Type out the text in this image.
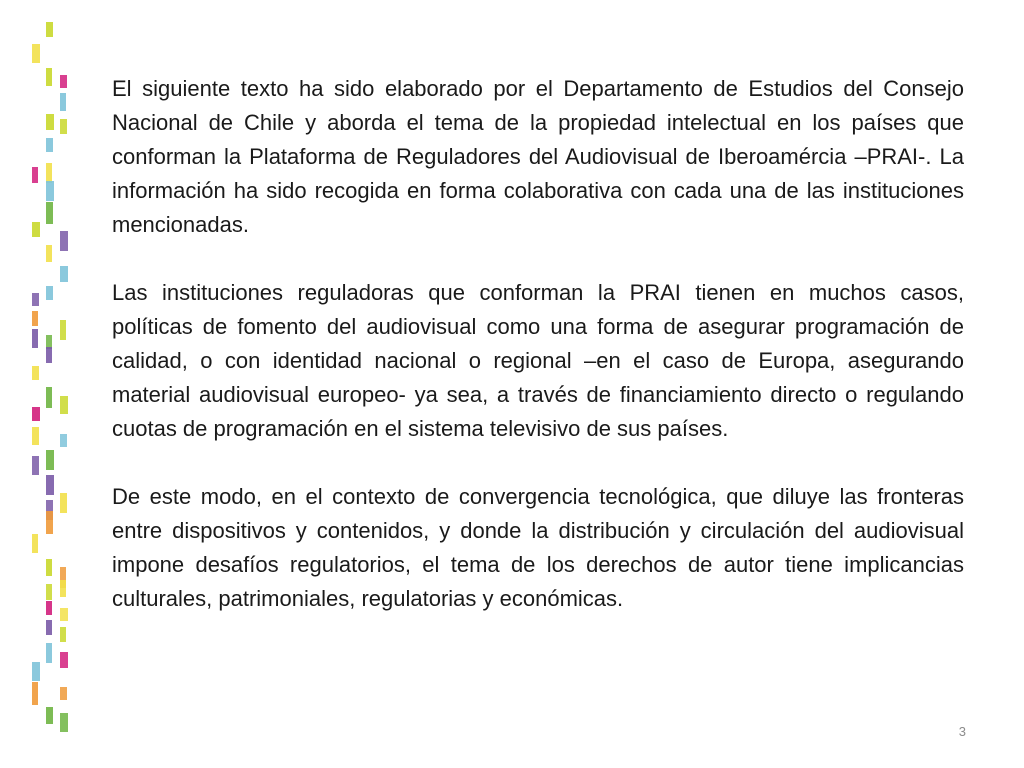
El siguiente texto ha sido elaborado por el Departamento de Estudios del Consejo Nacional de Chile y aborda el tema de la propiedad intelectual en los países que conforman la Plataforma de Reguladores del Audiovisual de Iberoamércia –PRAI-. La información ha sido recogida en forma colaborativa con cada una de las instituciones mencionadas.

Las instituciones reguladoras que conforman la PRAI tienen en muchos casos, políticas de fomento del audiovisual como una forma de asegurar programación de calidad, o con identidad nacional o regional –en el caso de Europa, asegurando material audiovisual europeo- ya sea, a través de financiamiento directo o regulando cuotas de programación en el sistema televisivo de sus países.

De este modo, en el contexto de convergencia tecnológica, que diluye las fronteras entre dispositivos y contenidos, y donde la distribución y circulación del audiovisual impone desafíos regulatorios, el tema de los derechos de autor tiene implicancias culturales, patrimoniales, regulatorias y económicas.

3
